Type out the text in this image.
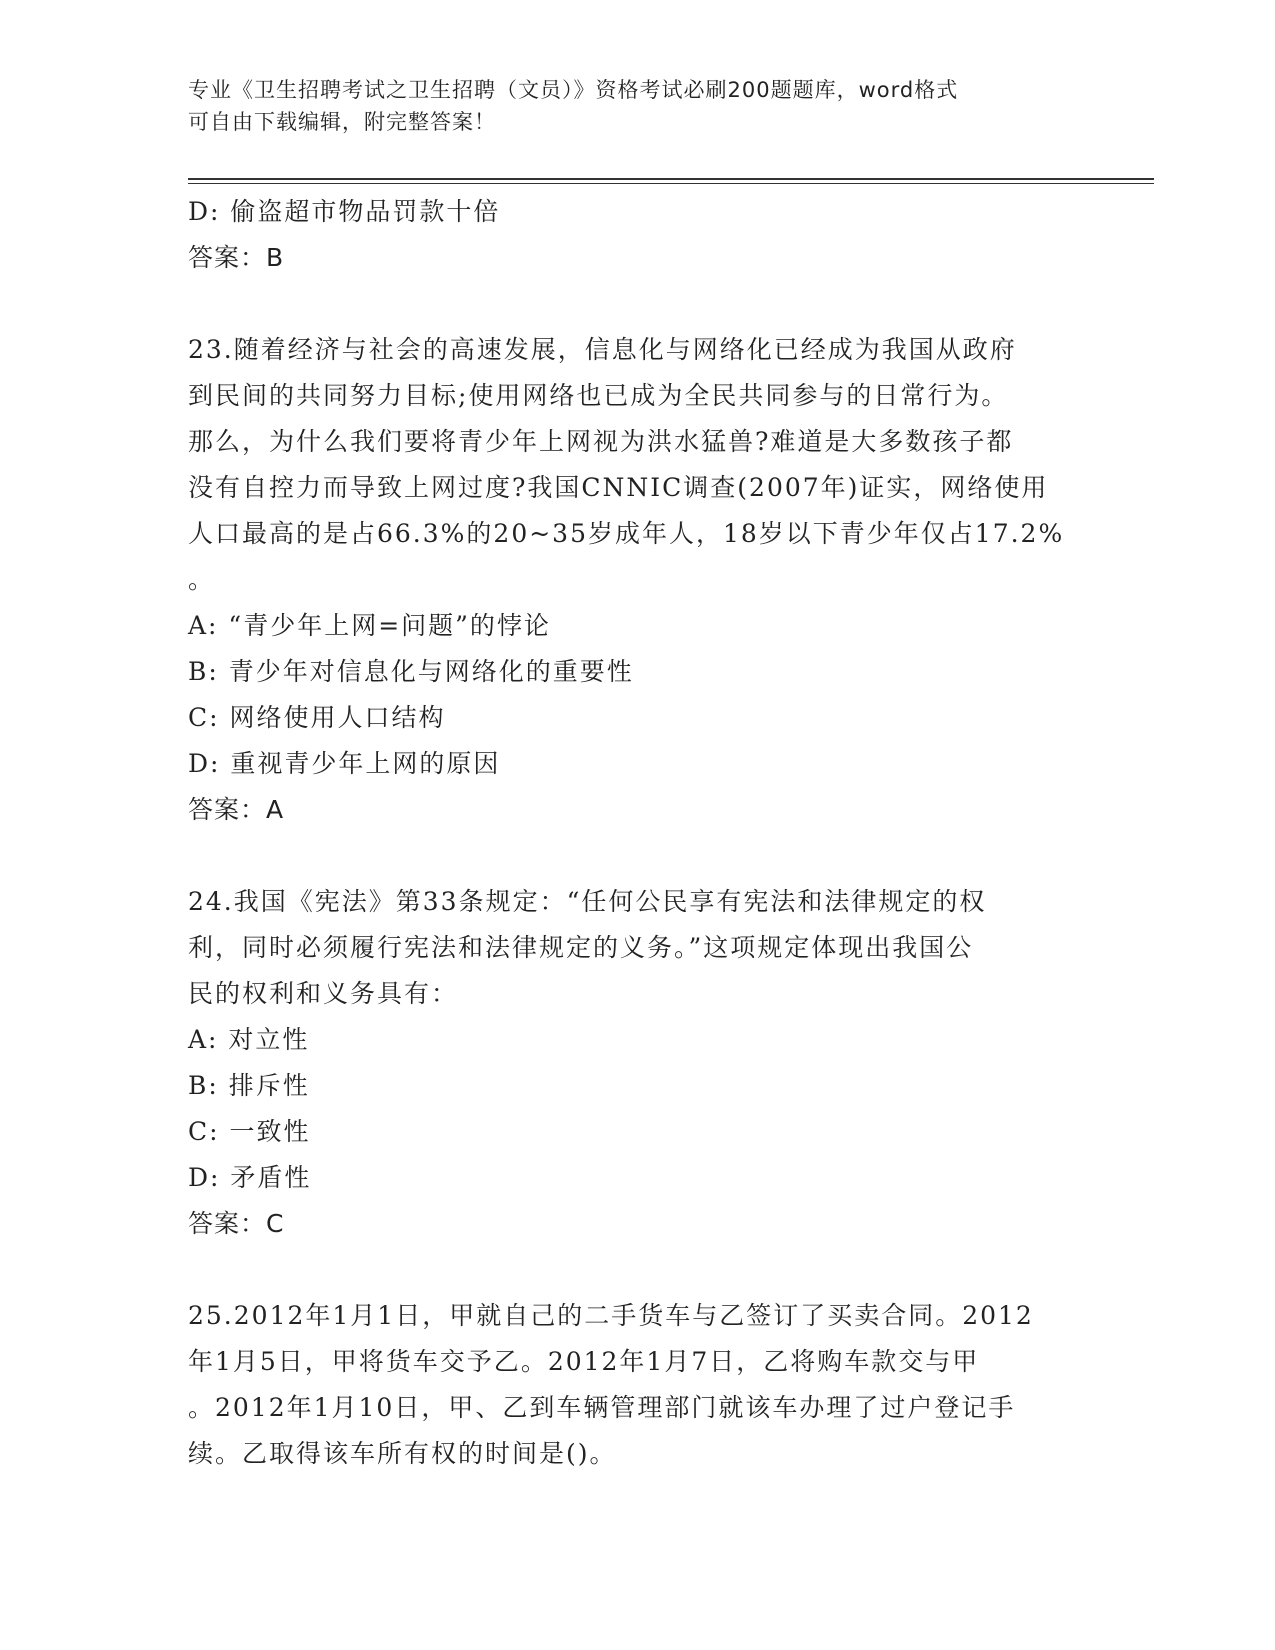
专业《卫生招聘考试之卫生招聘（文员）》资格考试必刷200题题库，word格式
可自由下载编辑，附完整答案！
D: 偷盗超市物品罚款十倍
答案：B
23.随着经济与社会的高速发展，信息化与网络化已经成为我国从政府
到民间的共同努力目标;使用网络也已成为全民共同参与的日常行为。
那么，为什么我们要将青少年上网视为洪水猛兽?难道是大多数孩子都
没有自控力而导致上网过度?我国CNNIC调查(2007年)证实，网络使用
人口最高的是占66.3%的20~35岁成年人，18岁以下青少年仅占17.2%
。
A: “青少年上网=问题”的悖论
B: 青少年对信息化与网络化的重要性
C: 网络使用人口结构
D: 重视青少年上网的原因
答案：A
24.我国《宪法》第33条规定：“任何公民享有宪法和法律规定的权
利，同时必须履行宪法和法律规定的义务。”这项规定体现出我国公
民的权利和义务具有：
A: 对立性
B: 排斥性
C: 一致性
D: 矛盾性
答案：C
25.2012年1月1日，甲就自己的二手货车与乙签订了买卖合同。2012
年1月5日，甲将货车交予乙。2012年1月7日，乙将购车款交与甲
。2012年1月10日，甲、乙到车辆管理部门就该车办理了过户登记手
续。乙取得该车所有权的时间是()。
